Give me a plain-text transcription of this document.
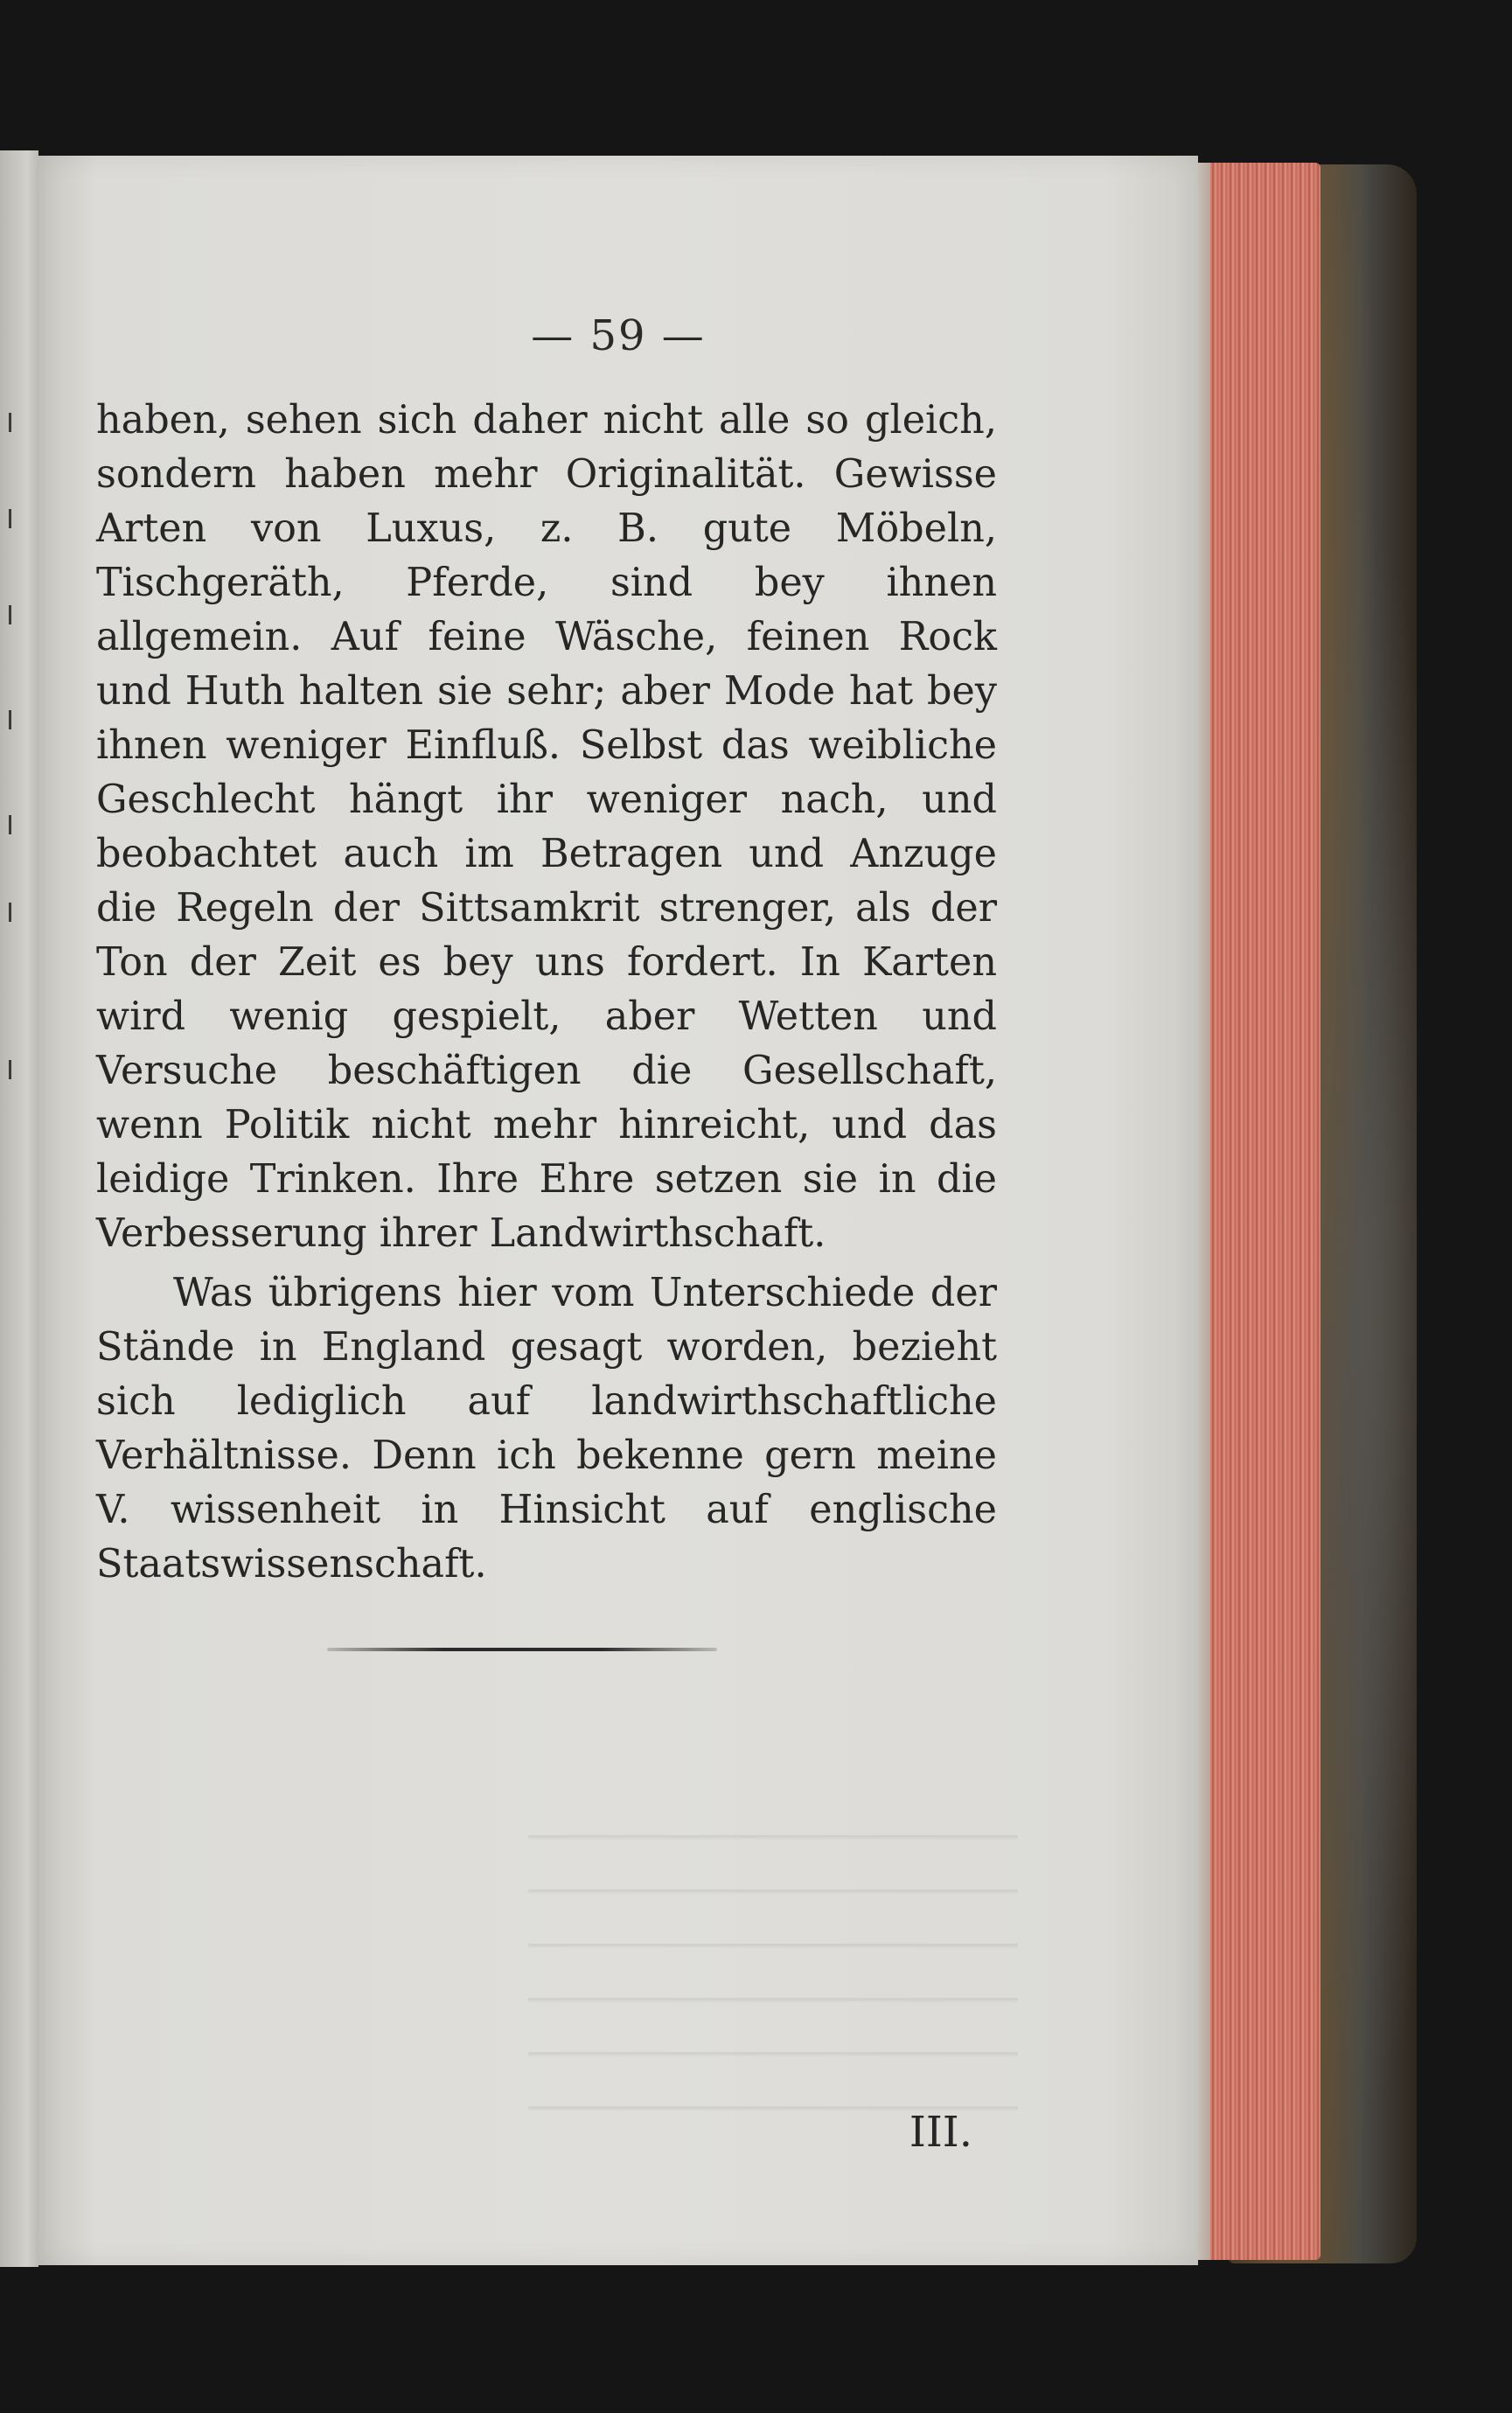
— 59 —
haben, sehen sich daher nicht alle so gleich, sondern haben mehr Originalität. Gewisse Arten von Luxus, z. B. gute Möbeln, Tischgeräth, Pferde, sind bey ihnen allgemein. Auf feine Wäsche, feinen Rock und Huth halten sie sehr; aber Mode hat bey ihnen weniger Einfluß. Selbst das weibliche Geschlecht hängt ihr weniger nach, und beobachtet auch im Betragen und Anzuge die Regeln der Sittsamkrit strenger, als der Ton der Zeit es bey uns fordert. In Karten wird wenig gespielt, aber Wetten und Versuche beschäftigen die Gesellschaft, wenn Politik nicht mehr hinreicht, und das leidige Trinken. Ihre Ehre setzen sie in die Verbesserung ihrer Landwirthschaft.
Was übrigens hier vom Unterschiede der Stände in England gesagt worden, bezieht sich lediglich auf landwirthschaftliche Verhältnisse. Denn ich bekenne gern meine V. wissenheit in Hinsicht auf englische Staatswissenschaft.
III.
